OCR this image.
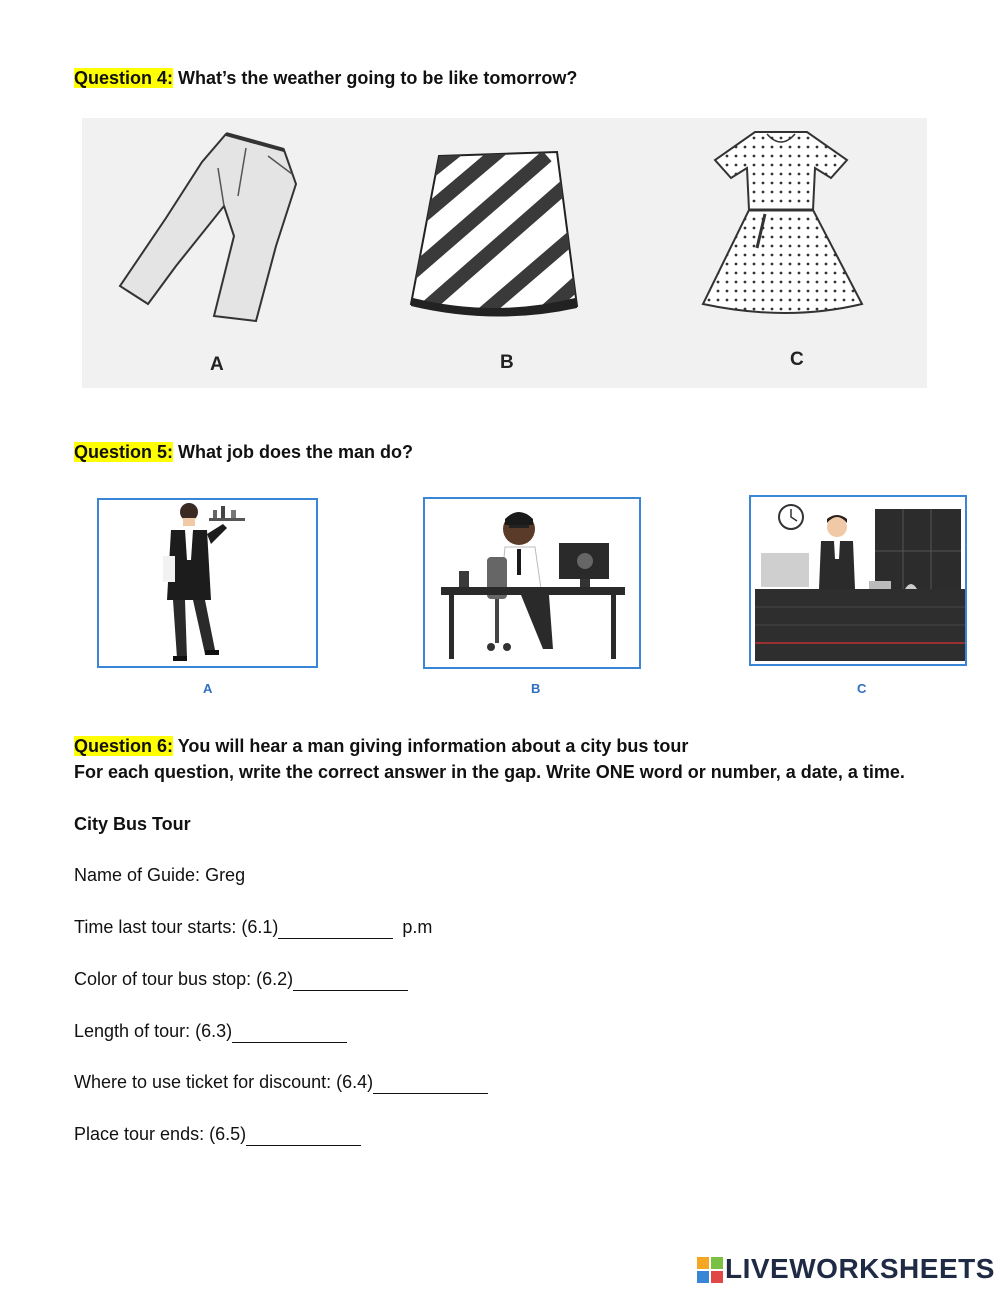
Question 4: What’s the weather going to be like tomorrow?
A	B	C
Question 5: What job does the man do?
A	B	C
Question 6: You will hear a man giving information about a city bus tour
For each question, write the correct answer in the gap. Write ONE word or number, a date, a time.
City Bus Tour
Name of Guide: Greg
Time last tour starts: (6.1)	p.m
Color of tour bus stop: (6.2)
Length of tour: (6.3)
Where to use ticket for discount: (6.4)
Place tour ends: (6.5)
LIVEWORKSHEETS
